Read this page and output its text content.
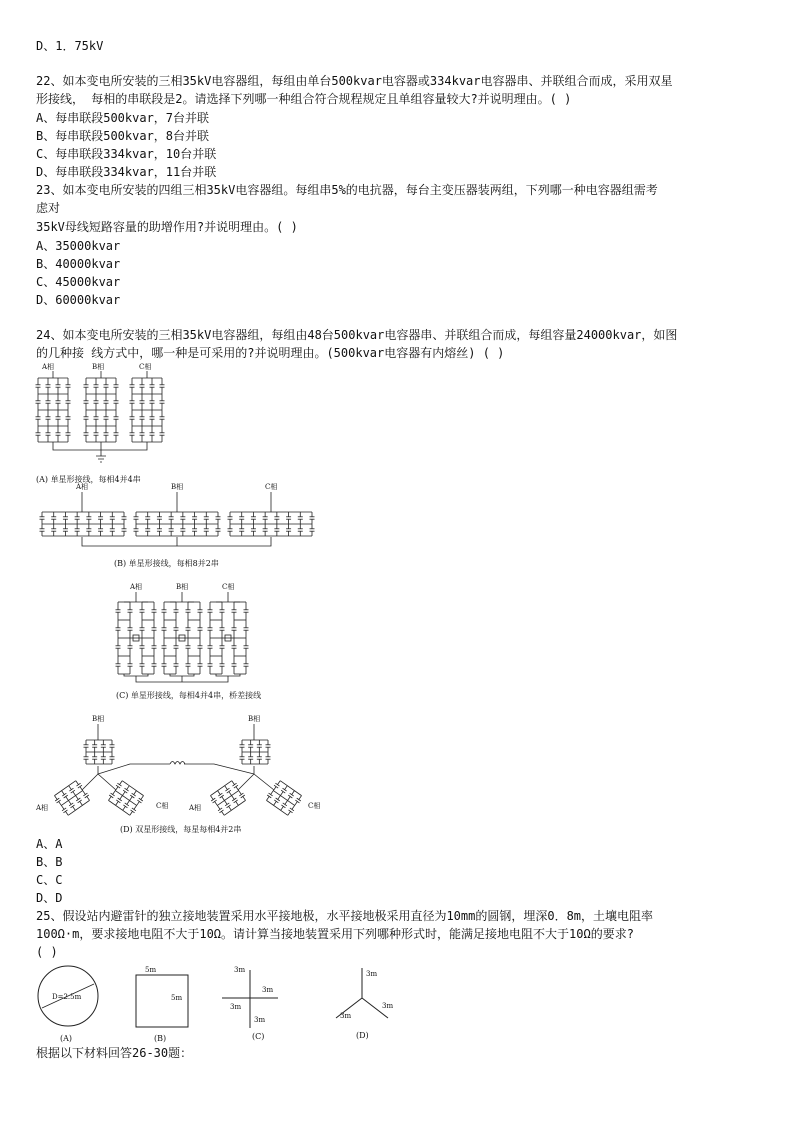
D、1．75kV
22、如本变电所安装的三相35kV电容器组，每组由单台500kvar电容器或334kvar电容器串、并联组合而成，采用双星
形接线， 每相的串联段是2。请选择下列哪一种组合符合规程规定且单组容量较大?并说明理由。( )
A、每串联段500kvar，7台并联
B、每串联段500kvar，8台并联
C、每串联段334kvar，10台并联
D、每串联段334kvar，11台并联
23、如本变电所安装的四组三相35kV电容器组。每组串5%的电抗器，每台主变压器装两组，下列哪一种电容器组需考
虑对
35kV母线短路容量的助增作用?并说明理由。( )
A、35000kvar
B、40000kvar
C、45000kvar
D、60000kvar
24、如本变电所安装的三相35kV电容器组，每组由48台500kvar电容器串、并联组合而成，每组容量24000kvar，如图
的几种接 线方式中，哪一种是可采用的?并说明理由。(500kvar电容器有内熔丝) ( )
A相	B相	C相
(A) 单星形接线，每相4并4串
A相	B相	C相
(B) 单星形接线，每相8并2串
A相	B相	C相
(C) 单星形接线，每相4并4串，桥差接线
B相	B相
A相	C相	A相	C相
(D) 双星形接线，每星每相4并2串
A、A
B、B
C、C
D、D
25、假设站内避雷针的独立接地装置采用水平接地极，水平接地极采用直径为10mm的圆钢，埋深0．8m，土壤电阻率
100Ω·m，要求接地电阻不大于10Ω。请计算当接地装置采用下列哪种形式时，能满足接地电阻不大于10Ω的要求?
( )
D=2.5m
(A)
5m
5m
(B)
3m
3m
3m
3m
(C)
3m
3m
3m
(D)
根据以下材料回答26-30题：
